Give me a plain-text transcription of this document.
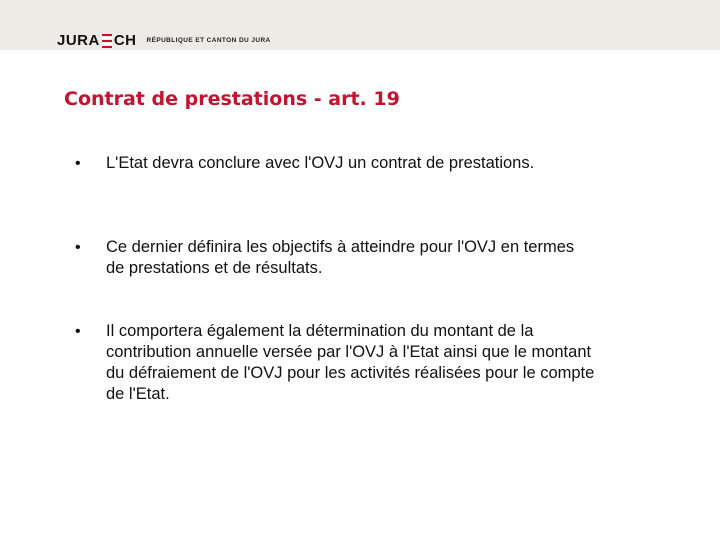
JURA CH RÉPUBLIQUE ET CANTON DU JURA
Contrat de prestations - art. 19
• L'Etat devra conclure avec l'OVJ un contrat de prestations.
• Ce dernier définira les objectifs à atteindre pour l'OVJ en termes de prestations et de résultats.
• Il comportera également la détermination du montant de la contribution annuelle versée par l'OVJ à l'Etat ainsi que le montant du défraiement de l'OVJ pour les activités réalisées pour le compte de l'Etat.
